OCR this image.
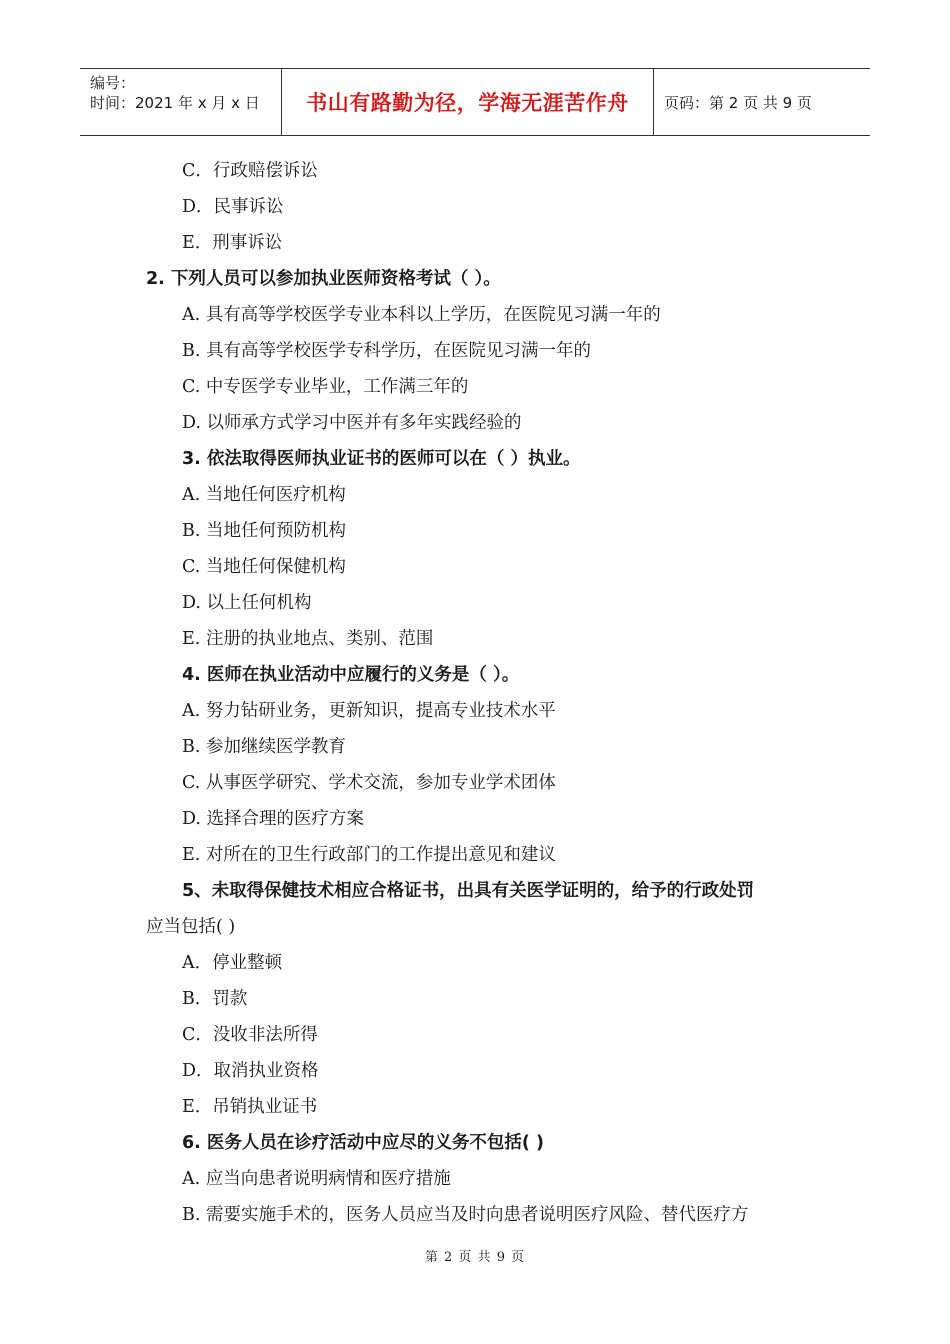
编号：
时间：2021 年 x 月 x 日	书山有路勤为径，学海无涯苦作舟	页码：第 2 页 共 9 页
C．行政赔偿诉讼
D．民事诉讼
E．刑事诉讼
2. 下列人员可以参加执业医师资格考试（ ）。
A. 具有高等学校医学专业本科以上学历，在医院见习满一年的
B. 具有高等学校医学专科学历，在医院见习满一年的
C. 中专医学专业毕业，工作满三年的
D. 以师承方式学习中医并有多年实践经验的
3. 依法取得医师执业证书的医师可以在（ ）执业。
A. 当地任何医疗机构
B. 当地任何预防机构
C. 当地任何保健机构
D. 以上任何机构
E. 注册的执业地点、类别、范围
4. 医师在执业活动中应履行的义务是（ ）。
A. 努力钻研业务，更新知识，提高专业技术水平
B. 参加继续医学教育
C. 从事医学研究、学术交流，参加专业学术团体
D. 选择合理的医疗方案
E. 对所在的卫生行政部门的工作提出意见和建议
5、未取得保健技术相应合格证书，出具有关医学证明的，给予的行政处罚
应当包括( )
A．停业整顿
B．罚款
C．没收非法所得
D．取消执业资格
E．吊销执业证书
6. 医务人员在诊疗活动中应尽的义务不包括( )
A. 应当向患者说明病情和医疗措施
B. 需要实施手术的，医务人员应当及时向患者说明医疗风险、替代医疗方
第 2 页 共 9 页
